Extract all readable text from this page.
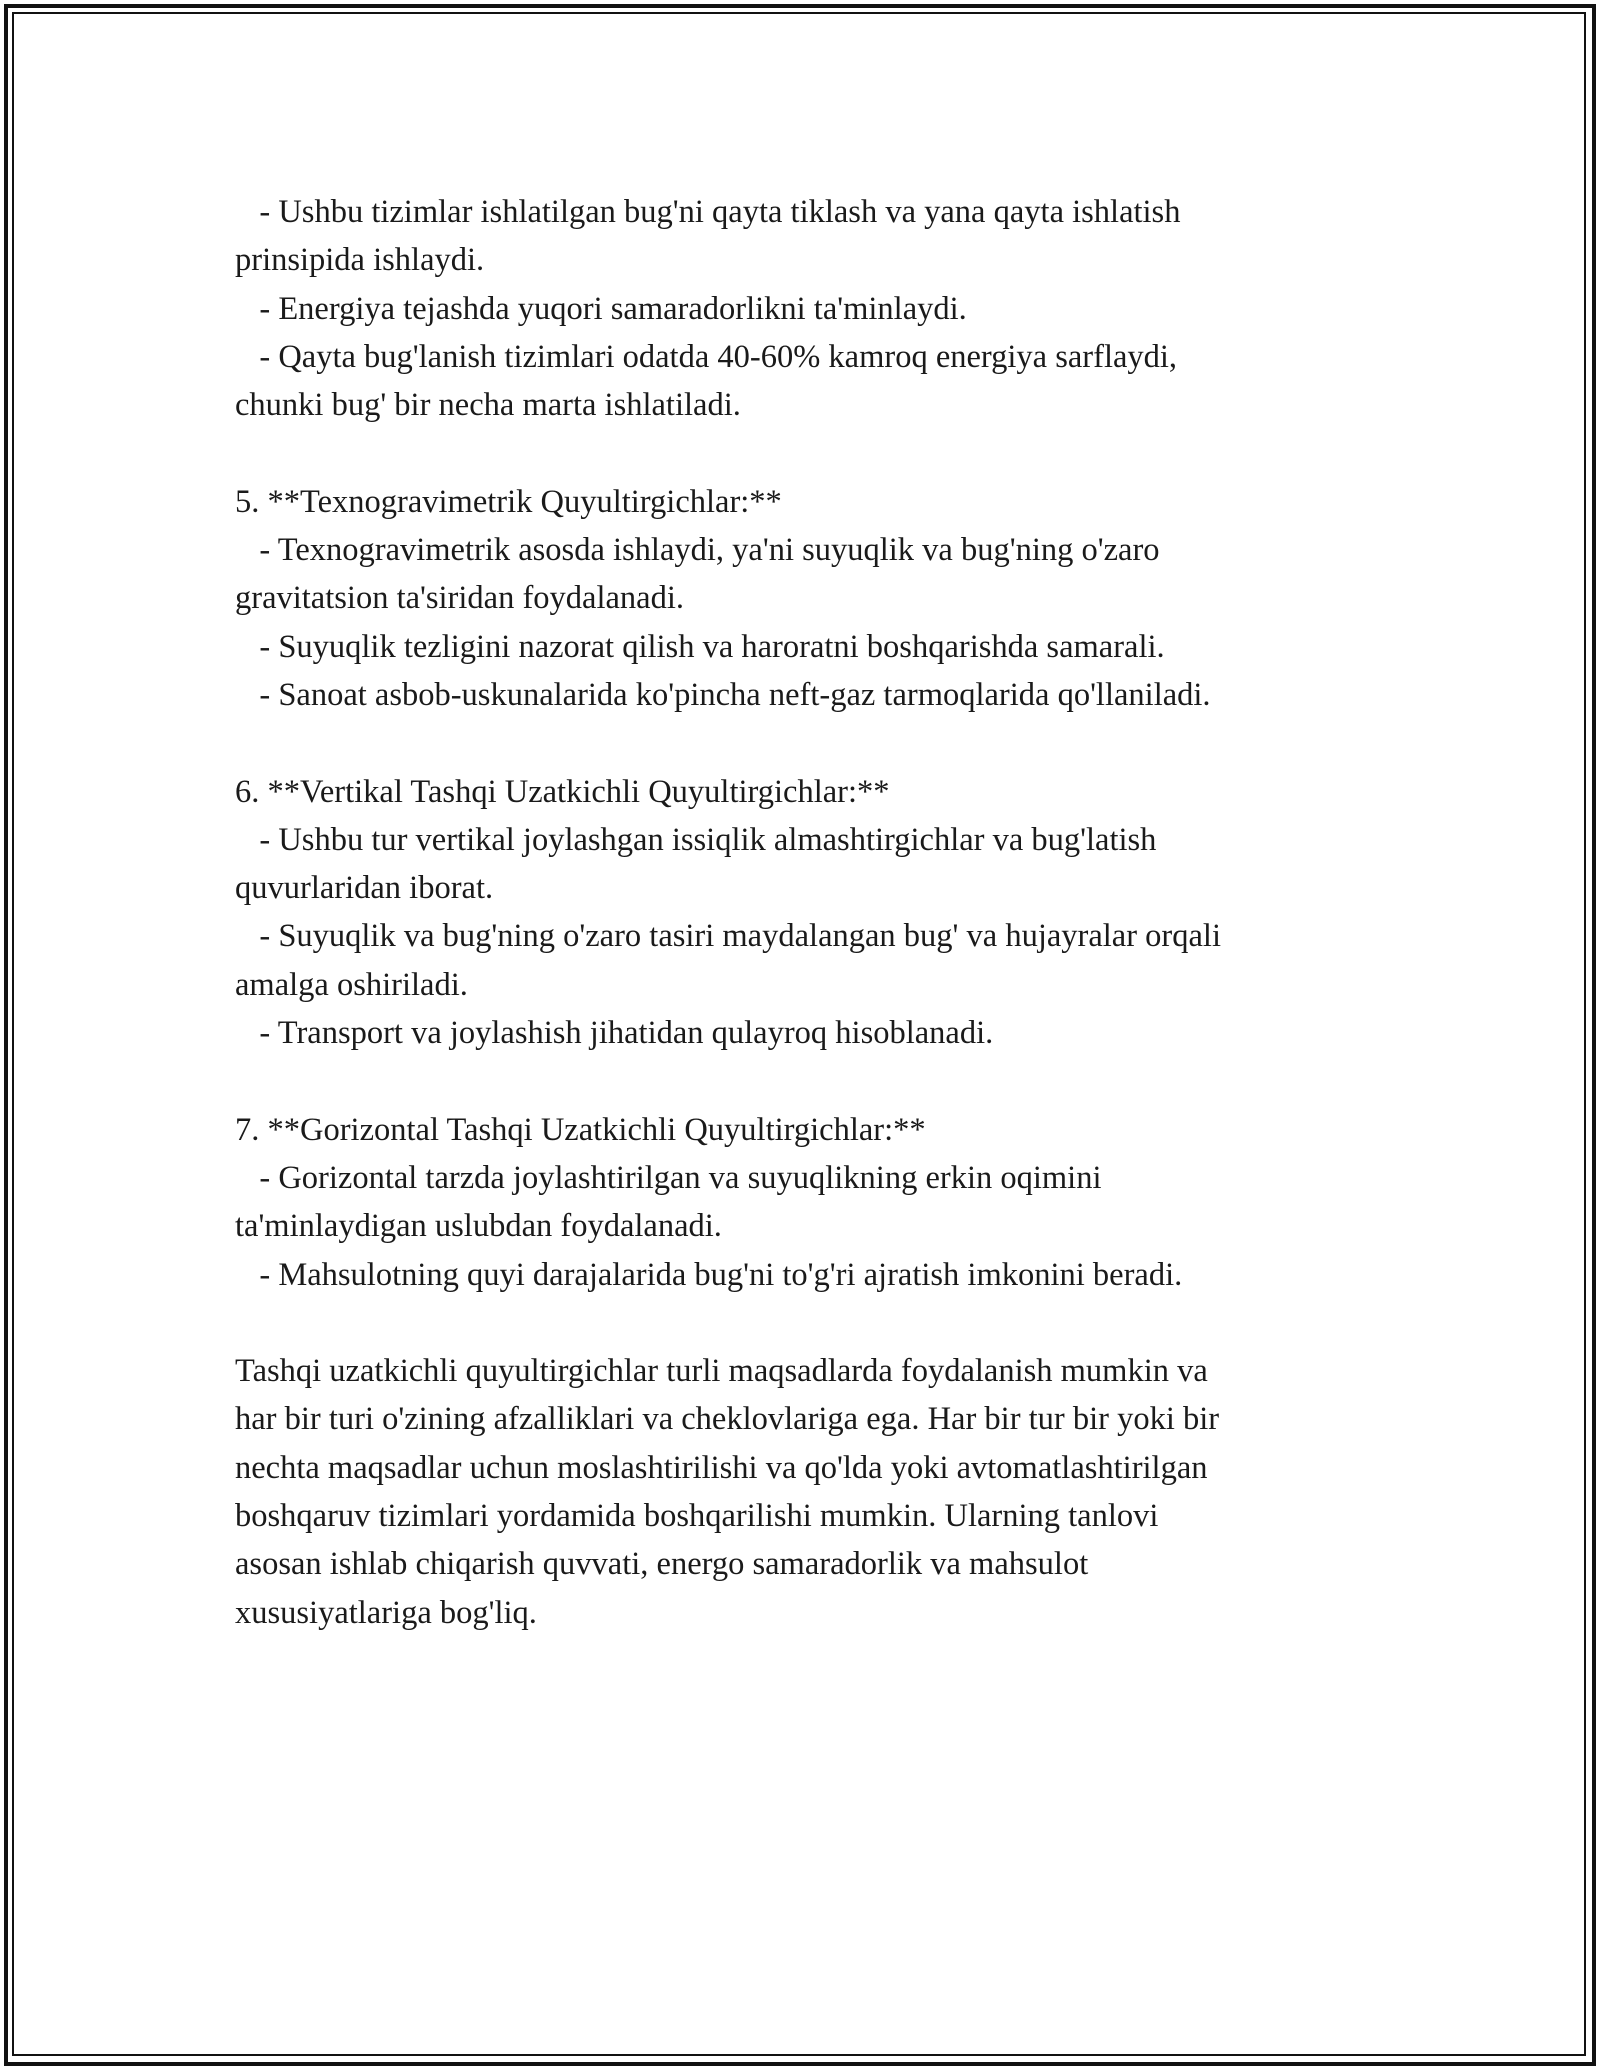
- Ushbu tizimlar ishlatilgan bug'ni qayta tiklash va yana qayta ishlatish
prinsipida ishlaydi.
- Energiya tejashda yuqori samaradorlikni ta'minlaydi.
- Qayta bug'lanish tizimlari odatda 40-60% kamroq energiya sarflaydi,
chunki bug' bir necha marta ishlatiladi.
5. **Texnogravimetrik Quyultirgichlar:**
- Texnogravimetrik asosda ishlaydi, ya'ni suyuqlik va bug'ning o'zaro
gravitatsion ta'siridan foydalanadi.
- Suyuqlik tezligini nazorat qilish va haroratni boshqarishda samarali.
- Sanoat asbob-uskunalarida ko'pincha neft-gaz tarmoqlarida qo'llaniladi.
6. **Vertikal Tashqi Uzatkichli Quyultirgichlar:**
- Ushbu tur vertikal joylashgan issiqlik almashtirgichlar va bug'latish
quvurlaridan iborat.
- Suyuqlik va bug'ning o'zaro tasiri maydalangan bug' va hujayralar orqali
amalga oshiriladi.
- Transport va joylashish jihatidan qulayroq hisoblanadi.
7. **Gorizontal Tashqi Uzatkichli Quyultirgichlar:**
- Gorizontal tarzda joylashtirilgan va suyuqlikning erkin oqimini
ta'minlaydigan uslubdan foydalanadi.
- Mahsulotning quyi darajalarida bug'ni to'g'ri ajratish imkonini beradi.
Tashqi uzatkichli quyultirgichlar turli maqsadlarda foydalanish mumkin va
har bir turi o'zining afzalliklari va cheklovlariga ega. Har bir tur bir yoki bir
nechta maqsadlar uchun moslashtirilishi va qo'lda yoki avtomatlashtirilgan
boshqaruv tizimlari yordamida boshqarilishi mumkin. Ularning tanlovi
asosan ishlab chiqarish quvvati, energo samaradorlik va mahsulot
xususiyatlariga bog'liq.
